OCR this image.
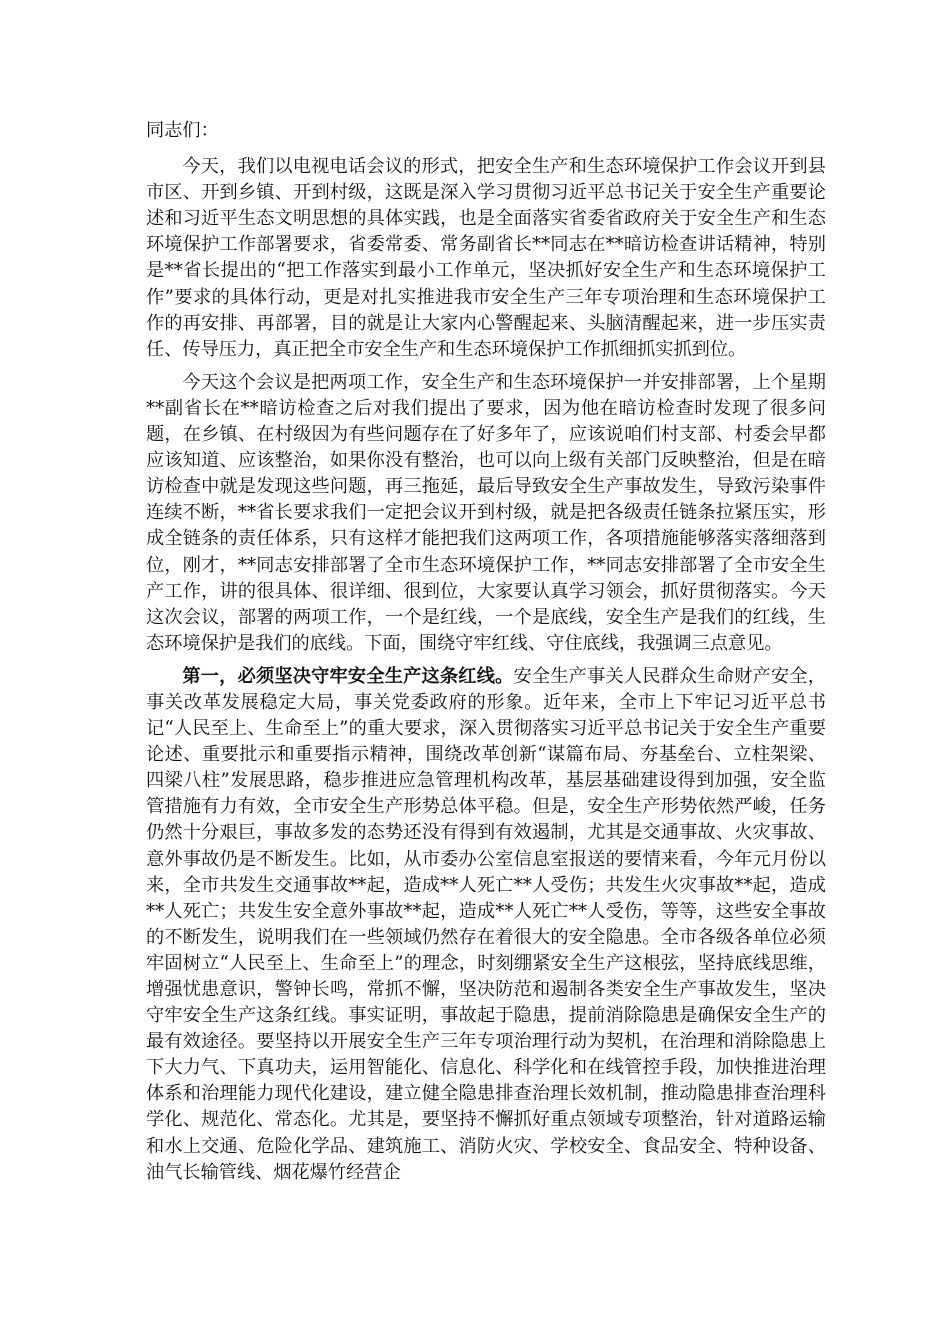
同志们：

今天，我们以电视电话会议的形式，把安全生产和生态环境保护工作会议开到县市区、开到乡镇、开到村级，这既是深入学习贯彻习近平总书记关于安全生产重要论述和习近平生态文明思想的具体实践，也是全面落实省委省政府关于安全生产和生态环境保护工作部署要求，省委常委、常务副省长**同志在**暗访检查讲话精神，特别是**省长提出的“把工作落实到最小工作单元，坚决抓好安全生产和生态环境保护工作”要求的具体行动，更是对扎实推进我市安全生产三年专项治理和生态环境保护工作的再安排、再部署，目的就是让大家内心警醒起来、头脑清醒起来，进一步压实责任、传导压力，真正把全市安全生产和生态环境保护工作抓细抓实抓到位。

今天这个会议是把两项工作，安全生产和生态环境保护一并安排部署，上个星期**副省长在**暗访检查之后对我们提出了要求，因为他在暗访检查时发现了很多问题，在乡镇、在村级因为有些问题存在了好多年了，应该说咱们村支部、村委会早都应该知道、应该整治，如果你没有整治，也可以向上级有关部门反映整治，但是在暗访检查中就是发现这些问题，再三拖延，最后导致安全生产事故发生，导致污染事件连续不断，**省长要求我们一定把会议开到村级，就是把各级责任链条拉紧压实，形成全链条的责任体系，只有这样才能把我们这两项工作，各项措施能够落实落细落到位，刚才，**同志安排部署了全市生态环境保护工作，**同志安排部署了全市安全生产工作，讲的很具体、很详细、很到位，大家要认真学习领会，抓好贯彻落实。今天这次会议，部署的两项工作，一个是红线，一个是底线，安全生产是我们的红线，生态环境保护是我们的底线。下面，围绕守牢红线、守住底线，我强调三点意见。

第一，必须坚决守牢安全生产这条红线。安全生产事关人民群众生命财产安全，事关改革发展稳定大局，事关党委政府的形象。近年来，全市上下牢记习近平总书记“人民至上、生命至上”的重大要求，深入贯彻落实习近平总书记关于安全生产重要论述、重要批示和重要指示精神，围绕改革创新“谋篇布局、夯基垒台、立柱架梁、四梁八柱”发展思路，稳步推进应急管理机构改革，基层基础建设得到加强，安全监管措施有力有效，全市安全生产形势总体平稳。但是，安全生产形势依然严峻，任务仍然十分艰巨，事故多发的态势还没有得到有效遏制，尤其是交通事故、火灾事故、意外事故仍是不断发生。比如，从市委办公室信息室报送的要情来看，今年元月份以来，全市共发生交通事故**起，造成**人死亡**人受伤；共发生火灾事故**起，造成**人死亡；共发生安全意外事故**起，造成**人死亡**人受伤，等等，这些安全事故的不断发生，说明我们在一些领域仍然存在着很大的安全隐患。全市各级各单位必须牢固树立“人民至上、生命至上”的理念，时刻绷紧安全生产这根弦，坚持底线思维，增强忧患意识，警钟长鸣，常抓不懈，坚决防范和遏制各类安全生产事故发生，坚决守牢安全生产这条红线。事实证明，事故起于隐患，提前消除隐患是确保安全生产的最有效途径。要坚持以开展安全生产三年专项治理行动为契机，在治理和消除隐患上下大力气、下真功夫，运用智能化、信息化、科学化和在线管控手段，加快推进治理体系和治理能力现代化建设，建立健全隐患排查治理长效机制，推动隐患排查治理科学化、规范化、常态化。尤其是，要坚持不懈抓好重点领域专项整治，针对道路运输和水上交通、危险化学品、建筑施工、消防火灾、学校安全、食品安全、特种设备、油气长输管线、烟花爆竹经营企
